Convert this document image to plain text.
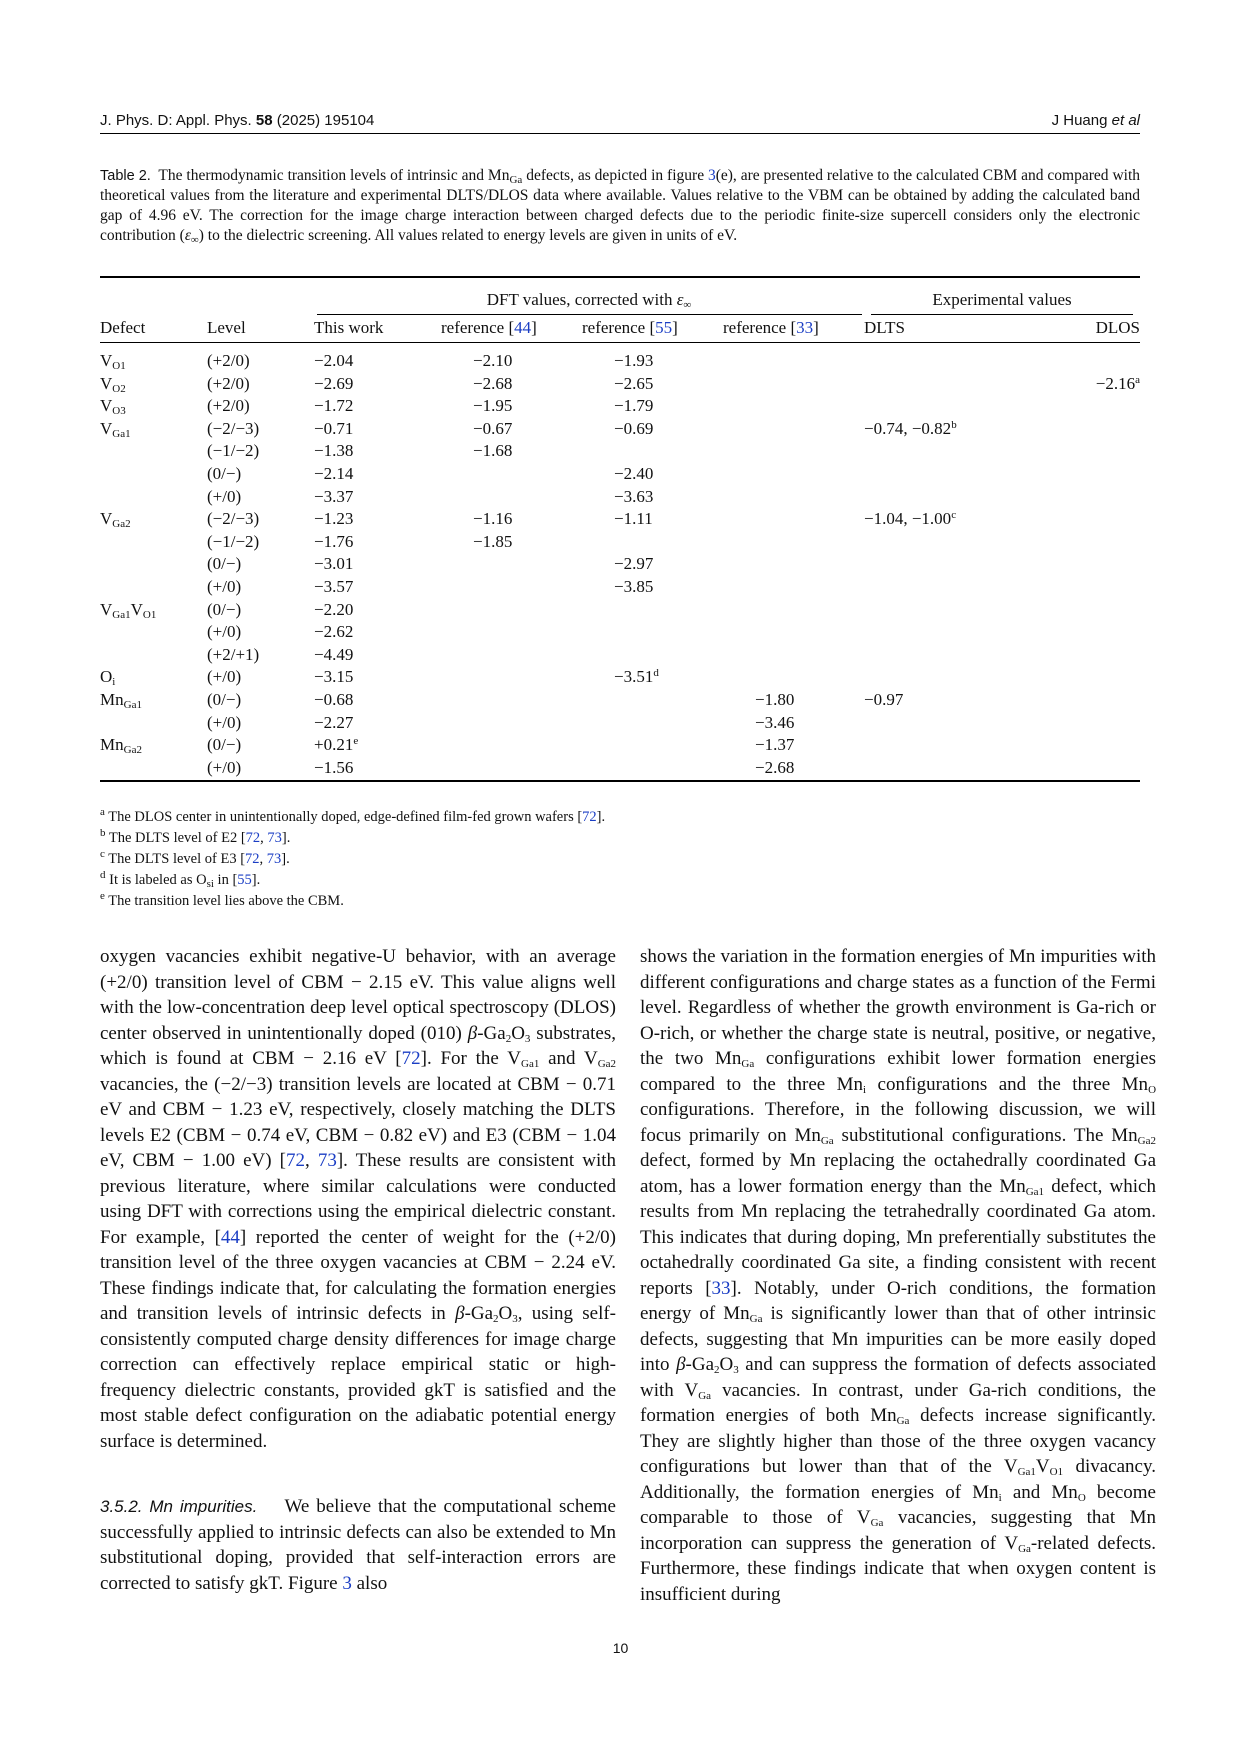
J. Phys. D: Appl. Phys. 58 (2025) 195104	J Huang et al
Table 2. The thermodynamic transition levels of intrinsic and $Mn_{Ga}$ defects, as depicted in figure 3(e), are presented relative to the calculated CBM and compared with theoretical values from the literature and experimental DLTS/DLOS data where available. Values relative to the VBM can be obtained by adding the calculated band gap of 4.96 eV. The correction for the image charge interaction between charged defects due to the periodic finite-size supercell considers only the electronic contribution $(\varepsilon_\infty)$ to the dielectric screening. All values related to energy levels are given in units of eV.
		DFT values, corrected with $\varepsilon_\infty$				Experimental values	
Defect	Level	This work	reference [44]	reference [55]	reference [33]	DLTS	DLOS
$V_{O1}$	(+2/0)	−2.04	−2.10	−1.93			
$V_{O2}$	(+2/0)	−2.69	−2.68	−2.65			−2.16$^a$
$V_{O3}$	(+2/0)	−1.72	−1.95	−1.79			
$V_{Ga1}$	(−2/−3)	−0.71	−0.67	−0.69		−0.74, −0.82$^b$	
	(−1/−2)	−1.38	−1.68				
	(0/−)	−2.14		−2.40			
	(+/0)	−3.37		−3.63			
$V_{Ga2}$	(−2/−3)	−1.23	−1.16	−1.11		−1.04, −1.00$^c$	
	(−1/−2)	−1.76	−1.85				
	(0/−)	−3.01		−2.97			
	(+/0)	−3.57		−3.85			
$V_{Ga1}V_{O1}$	(0/−)	−2.20					
	(+/0)	−2.62					
	(+2/+1)	−4.49					
$O_i$	(+/0)	−3.15		−3.51$^d$			
$Mn_{Ga1}$	(0/−)	−0.68			−1.80	−0.97	
	(+/0)	−2.27			−3.46		
$Mn_{Ga2}$	(0/−)	+0.21$^e$			−1.37		
	(+/0)	−1.56			−2.68		
$^a$ The DLOS center in unintentionally doped, edge-defined film-fed grown wafers [72].
$^b$ The DLTS level of E2 [72, 73].
$^c$ The DLTS level of E3 [72, 73].
$^d$ It is labeled as $O_{si}$ in [55].
$^e$ The transition level lies above the CBM.

oxygen vacancies exhibit negative-U behavior, with an average (+2/0) transition level of CBM − 2.15 eV. This value aligns well with the low-concentration deep level optical spectroscopy (DLOS) center observed in unintentionally doped (010) $\beta-Ga_2O_3$ substrates, which is found at CBM − 2.16 eV [72]. For the $V_{Ga1}$ and $V_{Ga2}$ vacancies, the (−2/−3) transition levels are located at CBM − 0.71 eV and CBM − 1.23 eV, respectively, closely matching the DLTS levels E2 (CBM − 0.74 eV, CBM − 0.82 eV) and E3 (CBM − 1.04 eV, CBM − 1.00 eV) [72, 73]. These results are consistent with previous literature, where similar calculations were conducted using DFT with corrections using the empirical dielectric constant. For example, [44] reported the center of weight for the (+2/0) transition level of the three oxygen vacancies at CBM − 2.24 eV. These findings indicate that, for calculating the formation energies and transition levels of intrinsic defects in $\beta-Ga_2O_3$, using self-consistently computed charge density differences for image charge correction can effectively replace empirical static or high-frequency dielectric constants, provided gkT is satisfied and the most stable defect configuration on the adiabatic potential energy surface is determined.

3.5.2. Mn impurities. We believe that the computational scheme successfully applied to intrinsic defects can also be extended to Mn substitutional doping, provided that self-interaction errors are corrected to satisfy gkT. Figure 3 also

shows the variation in the formation energies of Mn impurities with different configurations and charge states as a function of the Fermi level. Regardless of whether the growth environment is Ga-rich or O-rich, or whether the charge state is neutral, positive, or negative, the two $Mn_{Ga}$ configurations exhibit lower formation energies compared to the three $Mn_i$ configurations and the three $Mn_O$ configurations. Therefore, in the following discussion, we will focus primarily on $Mn_{Ga}$ substitutional configurations. The $Mn_{Ga2}$ defect, formed by Mn replacing the octahedrally coordinated Ga atom, has a lower formation energy than the $Mn_{Ga1}$ defect, which results from Mn replacing the tetrahedrally coordinated Ga atom. This indicates that during doping, Mn preferentially substitutes the octahedrally coordinated Ga site, a finding consistent with recent reports [33]. Notably, under O-rich conditions, the formation energy of $Mn_{Ga}$ is significantly lower than that of other intrinsic defects, suggesting that Mn impurities can be more easily doped into $\beta-Ga_2O_3$ and can suppress the formation of defects associated with $V_{Ga}$ vacancies. In contrast, under Ga-rich conditions, the formation energies of both $Mn_{Ga}$ defects increase significantly. They are slightly higher than those of the three oxygen vacancy configurations but lower than that of the $V_{Ga1}V_{O1}$ divacancy. Additionally, the formation energies of $Mn_i$ and $Mn_O$ become comparable to those of $V_{Ga}$ vacancies, suggesting that Mn incorporation can suppress the generation of $V_{Ga}$-related defects. Furthermore, these findings indicate that when oxygen content is insufficient during

10
